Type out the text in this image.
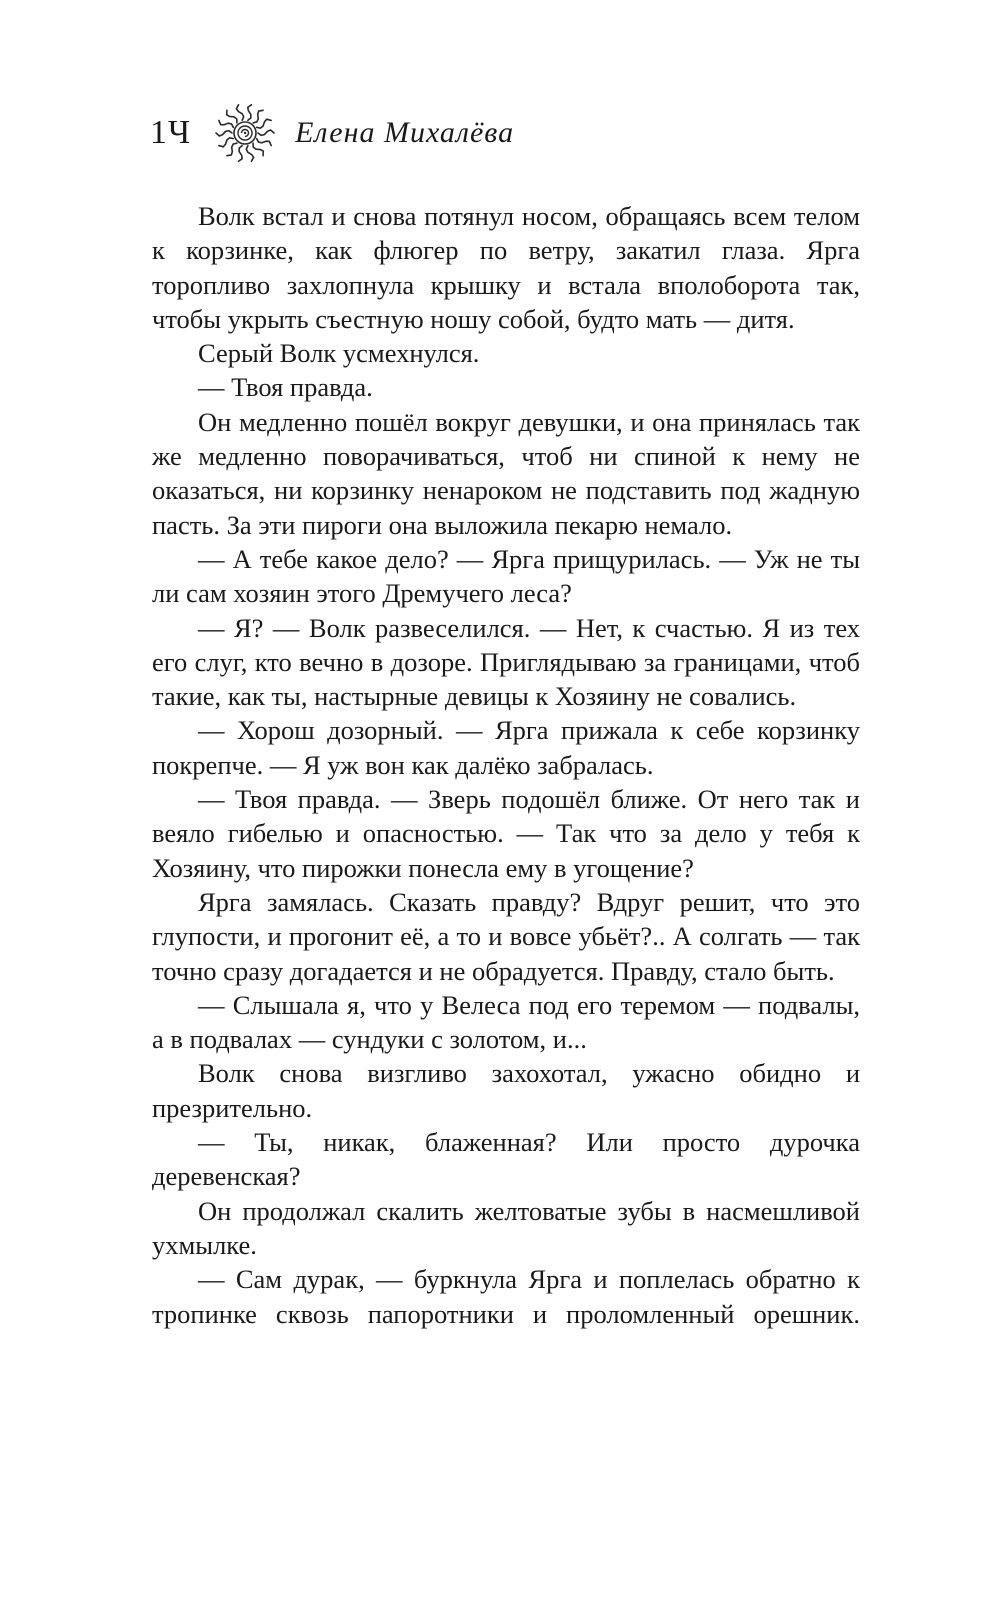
1Ч	Елена Михалёва

Волк встал и снова потянул носом, обращаясь всем телом к корзинке, как флюгер по ветру, закатил глаза. Ярга торопливо захлопнула крышку и встала вполоборота так, чтобы укрыть съестную ношу собой, будто мать — дитя.

Серый Волк усмехнулся.

— Твоя правда.

Он медленно пошёл вокруг девушки, и она принялась так же медленно поворачиваться, чтоб ни спиной к нему не оказаться, ни корзинку ненароком не подставить под жадную пасть. За эти пироги она выложила пекарю немало.

— А тебе какое дело? — Ярга прищурилась. — Уж не ты ли сам хозяин этого Дремучего леса?

— Я? — Волк развеселился. — Нет, к счастью. Я из тех его слуг, кто вечно в дозоре. Приглядываю за границами, чтоб такие, как ты, настырные девицы к Хозяину не совались.

— Хорош дозорный. — Ярга прижала к себе корзинку покрепче. — Я уж вон как далёко забралась.

— Твоя правда. — Зверь подошёл ближе. От него так и веяло гибелью и опасностью. — Так что за дело у тебя к Хозяину, что пирожки понесла ему в угощение?

Ярга замялась. Сказать правду? Вдруг решит, что это глупости, и прогонит её, а то и вовсе убьёт?.. А солгать — так точно сразу догадается и не обрадуется. Правду, стало быть.

— Слышала я, что у Велеса под его теремом — подвалы, а в подвалах — сундуки с золотом, и...

Волк снова визгливо захохотал, ужасно обидно и презрительно.

— Ты, никак, блаженная? Или просто дурочка деревенская?

Он продолжал скалить желтоватые зубы в насмешливой ухмылке.

— Сам дурак, — буркнула Ярга и поплелась обратно к тропинке сквозь папоротники и проломленный орешник.
